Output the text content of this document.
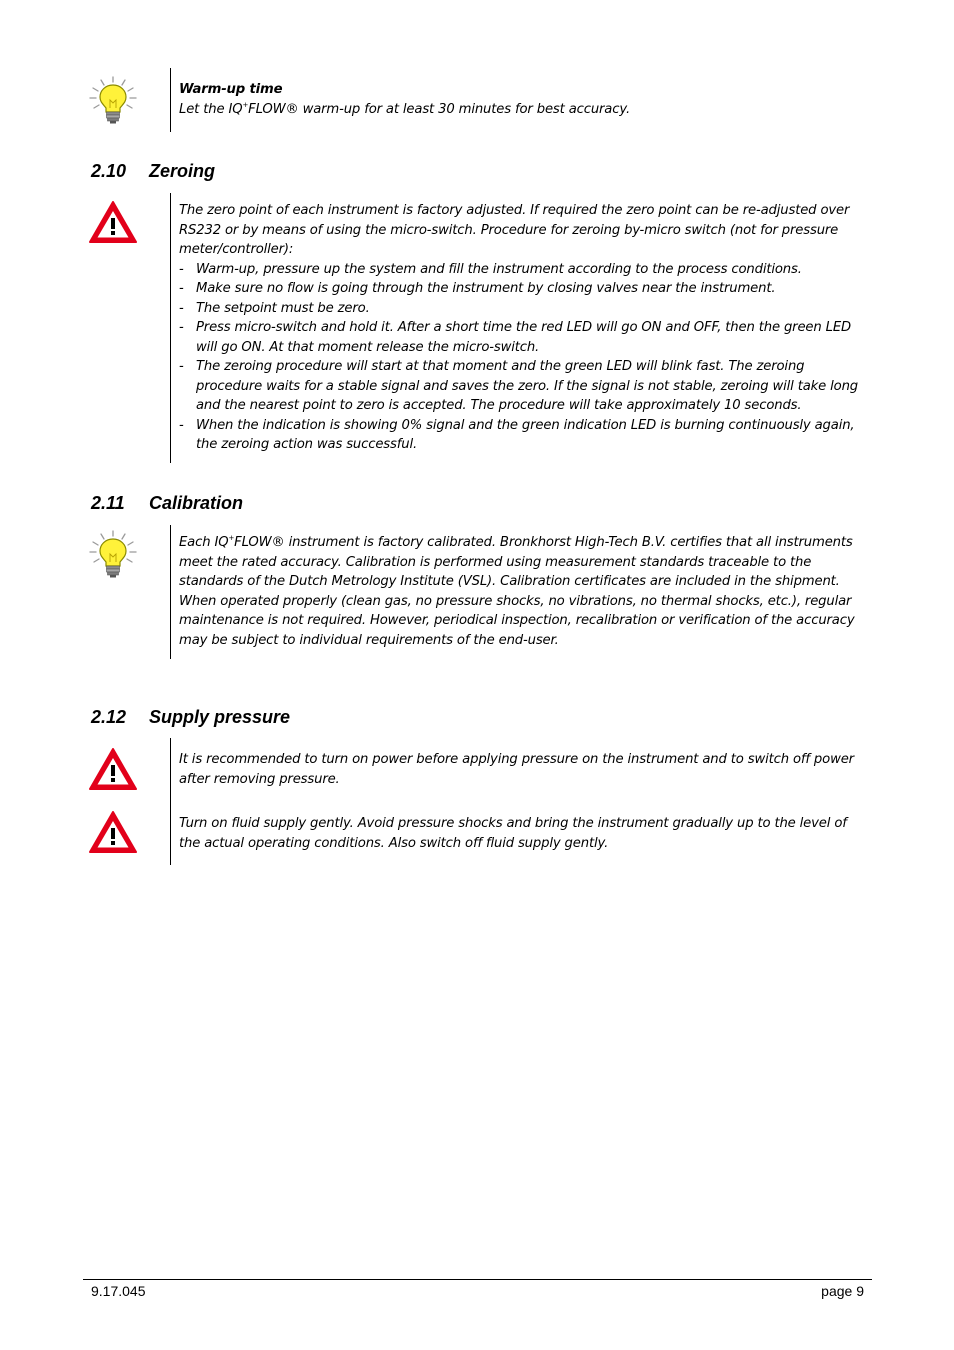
Warm-up time

Let the IQ+FLOW® warm-up for at least 30 minutes for best accuracy.

2.10 Zeroing

The zero point of each instrument is factory adjusted. If required the zero point can be re-adjusted over RS232 or by means of using the micro-switch. Procedure for zeroing by-micro switch (not for pressure meter/controller):

- Warm-up, pressure up the system and fill the instrument according to the process conditions.
- Make sure no flow is going through the instrument by closing valves near the instrument.
- The setpoint must be zero.
- Press micro-switch and hold it. After a short time the red LED will go ON and OFF, then the green LED will go ON. At that moment release the micro-switch.
- The zeroing procedure will start at that moment and the green LED will blink fast. The zeroing procedure waits for a stable signal and saves the zero. If the signal is not stable, zeroing will take long and the nearest point to zero is accepted. The procedure will take approximately 10 seconds.
- When the indication is showing 0% signal and the green indication LED is burning continuously again, the zeroing action was successful.
2.11 Calibration

Each IQ+FLOW® instrument is factory calibrated. Bronkhorst High-Tech B.V. certifies that all instruments meet the rated accuracy. Calibration is performed using measurement standards traceable to the standards of the Dutch Metrology Institute (VSL). Calibration certificates are included in the shipment. When operated properly (clean gas, no pressure shocks, no vibrations, no thermal shocks, etc.), regular maintenance is not required. However, periodical inspection, recalibration or verification of the accuracy may be subject to individual requirements of the end-user.

2.12 Supply pressure

It is recommended to turn on power before applying pressure on the instrument and to switch off power after removing pressure.

Turn on fluid supply gently. Avoid pressure shocks and bring the instrument gradually up to the level of the actual operating conditions. Also switch off fluid supply gently.

9.17.045	page 9
